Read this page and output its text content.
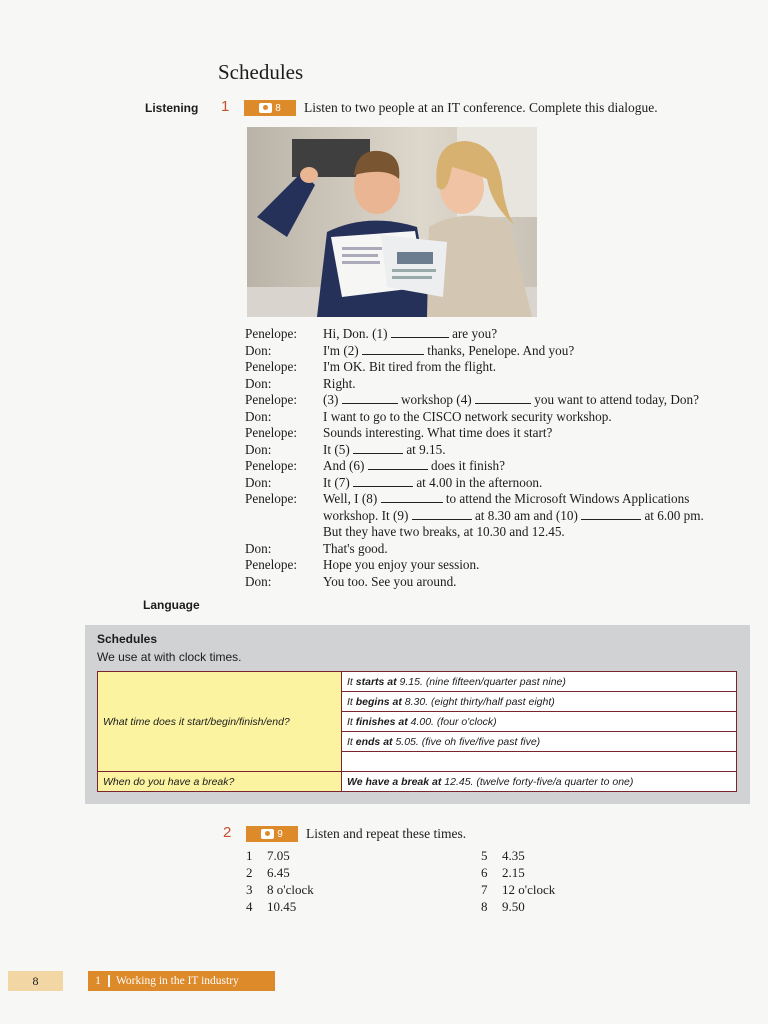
Schedules
Listening 1	8 Listen to two people at an IT conference. Complete this dialogue.
Penelope:	Hi, Don. (1)	are you?
Don:	I'm (2)	thanks, Penelope. And you?
Penelope:	I'm OK. Bit tired from the flight.
Don:	Right.
Penelope:	(3)	workshop (4)	you want to attend today, Don?
Don:	I want to go to the CISCO network security workshop.
Penelope:	Sounds interesting. What time does it start?
Don:	It (5)	at 9.15.
Penelope:	And (6)	does it finish?
Don:	It (7)	at 4.00 in the afternoon.
Penelope:	Well, I (8)	to attend the Microsoft Windows Applications
workshop. It (9)	at 8.30 am and (10)	at 6.00 pm.
But they have two breaks, at 10.30 and 12.45.
Don:	That's good.
Penelope:	Hope you enjoy your session.
Don:	You too. See you around.
Language
Schedules
We use at with clock times.
What time does it start/begin/finish/end?	It starts at 9.15. (nine fifteen/quarter past nine)
	It begins at 8.30. (eight thirty/half past eight)
	It finishes at 4.00. (four o'clock)
	It ends at 5.05. (five oh five/five past five)

When do you have a break?	We have a break at 12.45. (twelve forty-five/a quarter to one)
2	9 Listen and repeat these times.
1 7.05
2 6.45
3 8 o'clock
4 10.45
5 4.35
6 2.15
7 12 o'clock
8 9.50
8	1	Working in the IT industry
